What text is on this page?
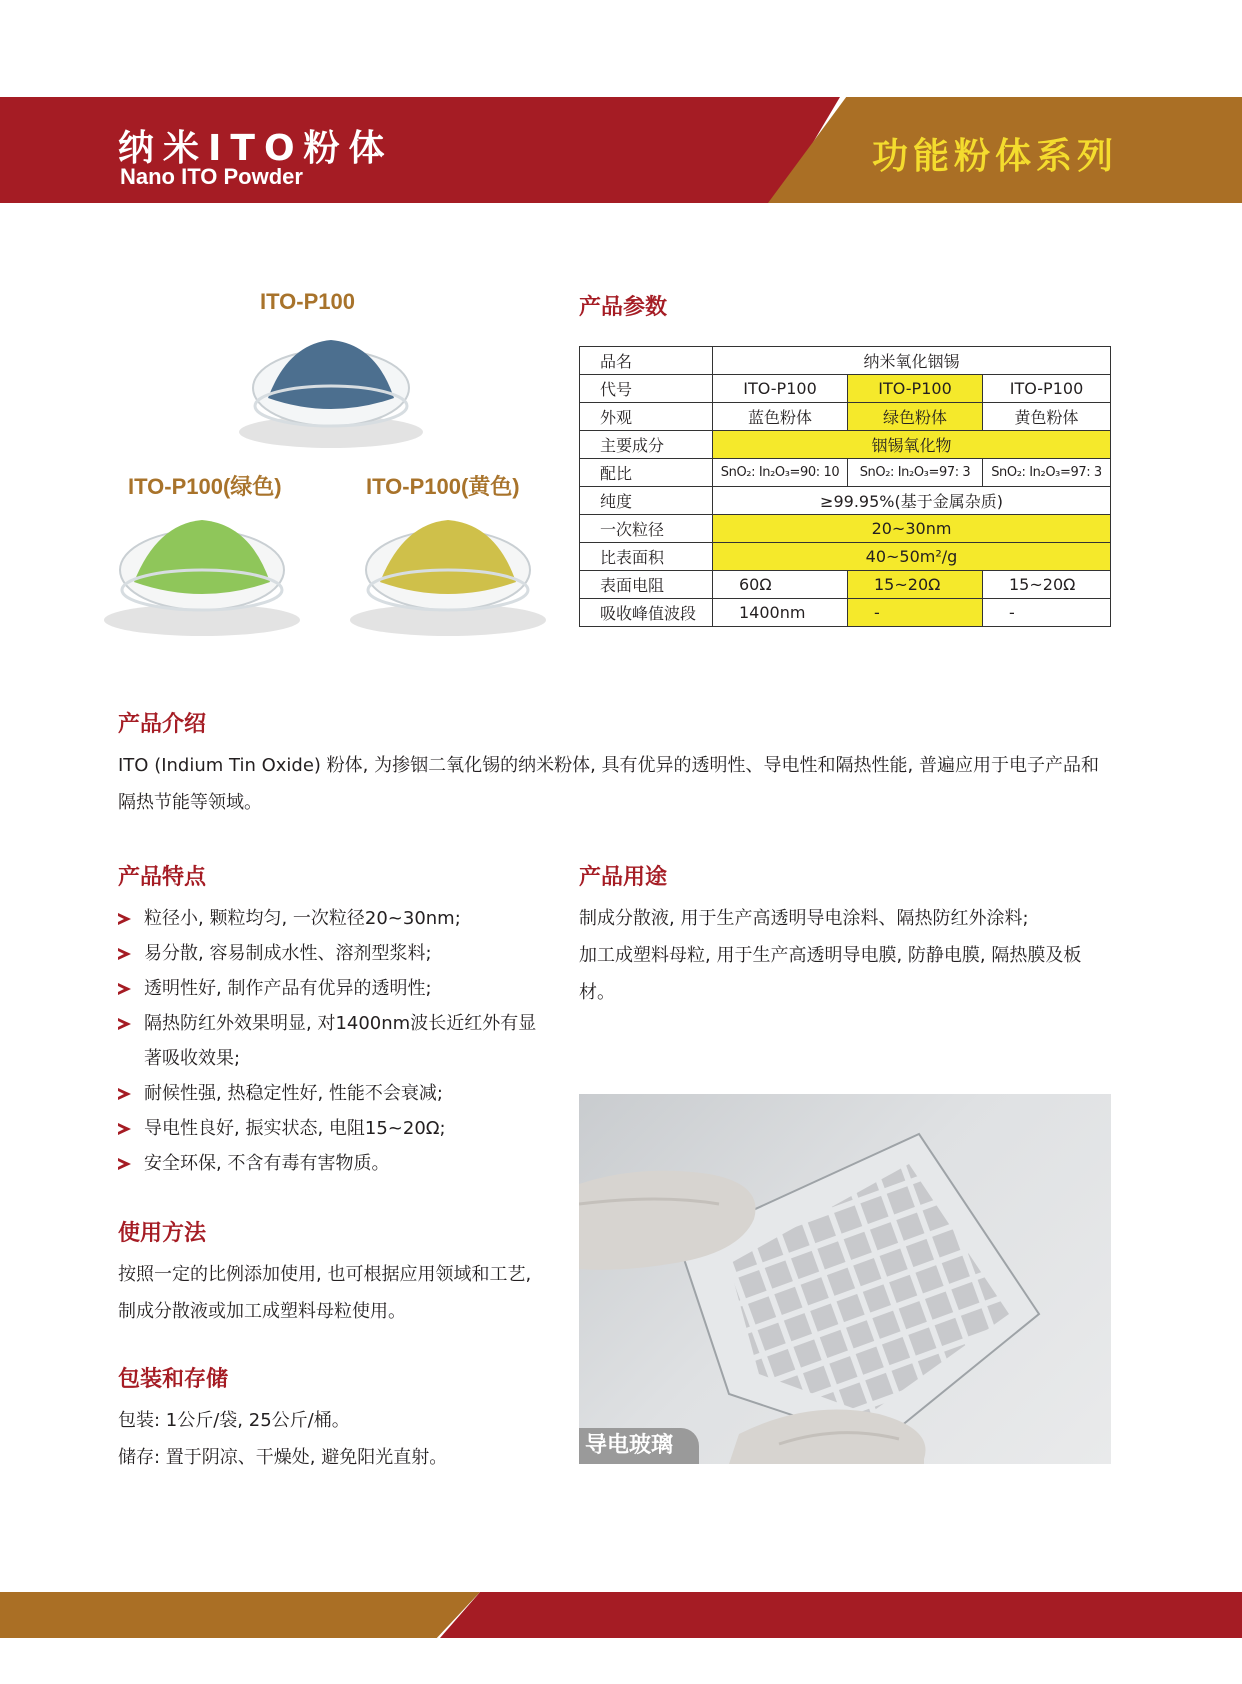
纳米ITO粉体
Nano ITO Powder	功能粉体系列
ITO-P100
ITO-P100(绿色)	ITO-P100(黄色)
产品参数
品名	纳米氧化铟锡		
代号	ITO-P100	ITO-P100	ITO-P100
外观	蓝色粉体	绿色粉体	黄色粉体
主要成分	铟锡氧化物		
配比	SnO₂: In₂O₃=90: 10	SnO₂: In₂O₃=97: 3	SnO₂: In₂O₃=97: 3
纯度	≥99.95%(基于金属杂质)		
一次粒径	20~30nm		
比表面积	40~50m²/g		
表面电阻	60Ω	15~20Ω	15~20Ω
吸收峰值波段	1400nm	-	-
产品介绍
ITO (Indium Tin Oxide) 粉体, 为掺铟二氧化锡的纳米粉体, 具有优异的透明性、导电性和隔热性能, 普遍应用于电子产品和隔热节能等领域。
产品特点
粒径小, 颗粒均匀, 一次粒径20~30nm;
易分散, 容易制成水性、溶剂型浆料;
透明性好, 制作产品有优异的透明性;
隔热防红外效果明显, 对1400nm波长近红外有显著吸收效果;
耐候性强, 热稳定性好, 性能不会衰减;
导电性良好, 振实状态, 电阻15~20Ω;
安全环保, 不含有毒有害物质。
产品用途
制成分散液, 用于生产高透明导电涂料、隔热防红外涂料;
加工成塑料母粒, 用于生产高透明导电膜, 防静电膜, 隔热膜及板材。
使用方法
按照一定的比例添加使用, 也可根据应用领域和工艺, 制成分散液或加工成塑料母粒使用。
包装和存储
包装: 1公斤/袋, 25公斤/桶。
储存: 置于阴凉、干燥处, 避免阳光直射。	导电玻璃
